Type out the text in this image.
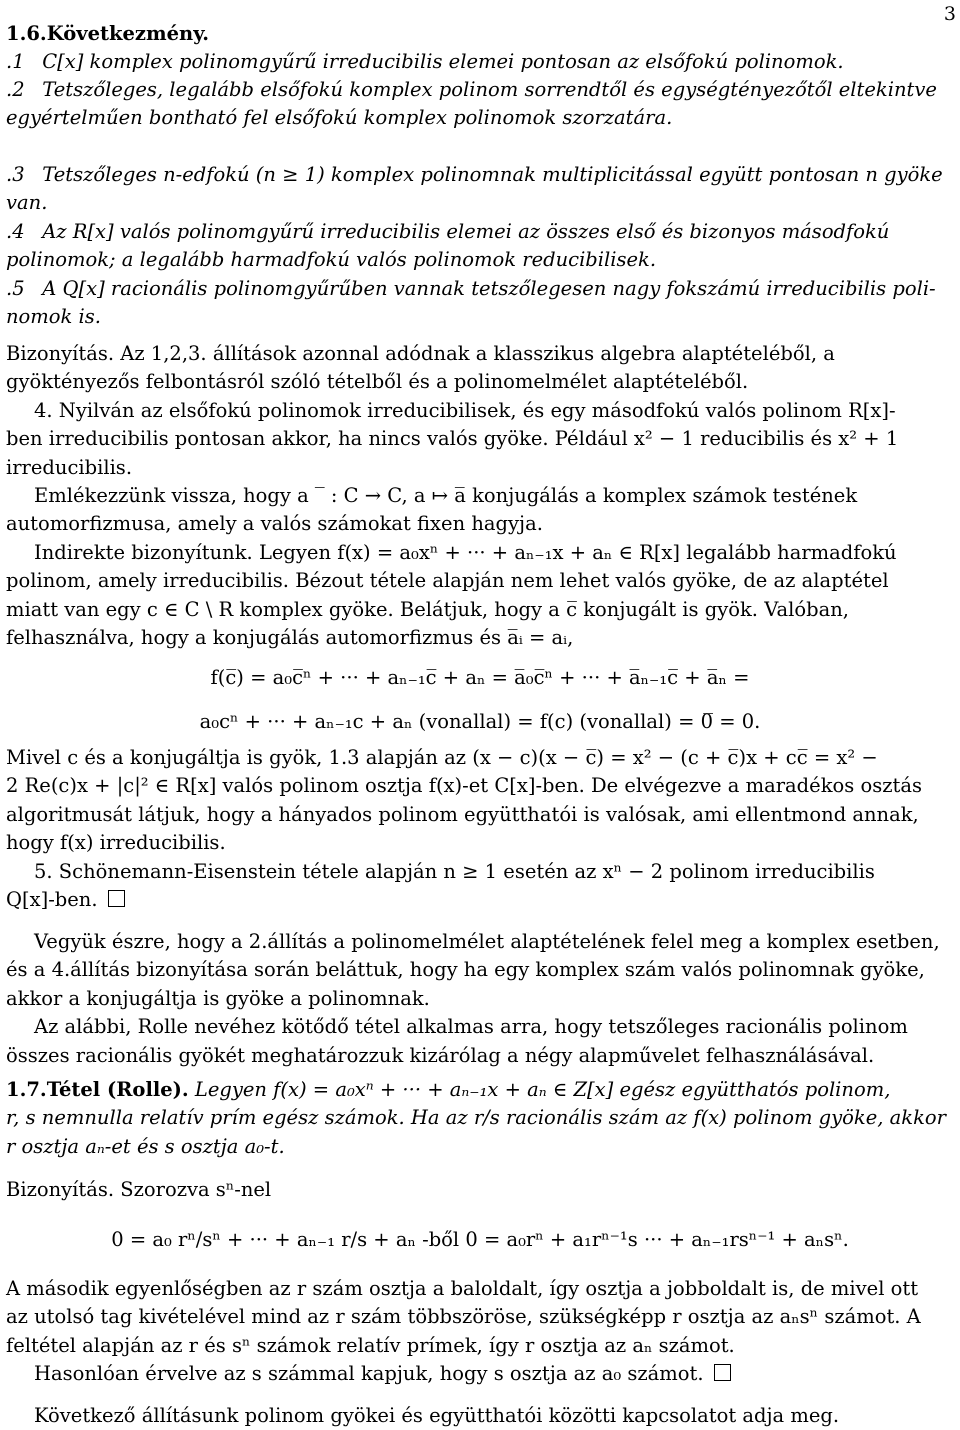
3
1.6.Következmény.
.1 C[x] komplex polinomgyűrű irreducibilis elemei pontosan az elsőfokú polinomok.
.2 Tetszőleges, legalább elsőfokú komplex polinom sorrendtől és egységtényezőtől eltekintve
egyértelműen bontható fel elsőfokú komplex polinomok szorzatára.
.3 Tetszőleges n-edfokú (n ≥ 1) komplex polinomnak multiplicitással együtt pontosan n gyöke
van.
.4 Az R[x] valós polinomgyűrű irreducibilis elemei az összes első és bizonyos másodfokú
polinomok; a legalább harmadfokú valós polinomok reducibilisek.
.5 A Q[x] racionális polinomgyűrűben vannak tetszőlegesen nagy fokszámú irreducibilis poli-
nomok is.
Bizonyítás. Az 1,2,3. állítások azonnal adódnak a klasszikus algebra alaptételéből, a
gyöktényezős felbontásról szóló tételből és a polinomelmélet alaptételéből.
4. Nyilván az elsőfokú polinomok irreducibilisek, és egy másodfokú valós polinom R[x]-
ben irreducibilis pontosan akkor, ha nincs valós gyöke. Például x² − 1 reducibilis és x² + 1
irreducibilis.
Emlékezzünk vissza, hogy a ‾ : C → C, a ↦ a̅ konjugálás a komplex számok testének
automorfizmusa, amely a valós számokat fixen hagyja.
Indirekte bizonyítunk. Legyen f(x) = a₀xⁿ + ··· + aₙ₋₁x + aₙ ∈ R[x] legalább harmadfokú
polinom, amely irreducibilis. Bézout tétele alapján nem lehet valós gyöke, de az alaptétel
miatt van egy c ∈ C \ R komplex gyöke. Belátjuk, hogy a c̅ konjugált is gyök. Valóban,
felhasználva, hogy a konjugálás automorfizmus és a̅ᵢ = aᵢ,
f(c̅) = a₀c̅ⁿ + ··· + aₙ₋₁c̅ + aₙ = a̅₀c̅ⁿ + ··· + a̅ₙ₋₁c̅ + a̅ₙ =
a₀cⁿ + ··· + aₙ₋₁c + aₙ (vonallal) = f(c) (vonallal) = 0̅ = 0.
Mivel c és a konjugáltja is gyök, 1.3 alapján az (x − c)(x − c̅) = x² − (c + c̅)x + cc̅ = x² −
2 Re(c)x + |c|² ∈ R[x] valós polinom osztja f(x)-et C[x]-ben. De elvégezve a maradékos osztás
algoritmusát látjuk, hogy a hányados polinom együtthatói is valósak, ami ellentmond annak,
hogy f(x) irreducibilis.
5. Schönemann-Eisenstein tétele alapján n ≥ 1 esetén az xⁿ − 2 polinom irreducibilis
Q[x]-ben.
Vegyük észre, hogy a 2.állítás a polinomelmélet alaptételének felel meg a komplex esetben,
és a 4.állítás bizonyítása során beláttuk, hogy ha egy komplex szám valós polinomnak gyöke,
akkor a konjugáltja is gyöke a polinomnak.
Az alábbi, Rolle nevéhez kötődő tétel alkalmas arra, hogy tetszőleges racionális polinom
összes racionális gyökét meghatározzuk kizárólag a négy alapművelet felhasználásával.
1.7.Tétel (Rolle). Legyen f(x) = a₀xⁿ + ··· + aₙ₋₁x + aₙ ∈ Z[x] egész együtthatós polinom,
r, s nemnulla relatív prím egész számok. Ha az r/s racionális szám az f(x) polinom gyöke, akkor
r osztja aₙ-et és s osztja a₀-t.
Bizonyítás. Szorozva sⁿ-nel
0 = a₀ rⁿ/sⁿ + ··· + aₙ₋₁ r/s + aₙ -ből 0 = a₀rⁿ + a₁rⁿ⁻¹s ··· + aₙ₋₁rsⁿ⁻¹ + aₙsⁿ.
A második egyenlőségben az r szám osztja a baloldalt, így osztja a jobboldalt is, de mivel ott
az utolsó tag kivételével mind az r szám többszöröse, szükségképp r osztja az aₙsⁿ számot. A
feltétel alapján az r és sⁿ számok relatív prímek, így r osztja az aₙ számot.
Hasonlóan érvelve az s számmal kapjuk, hogy s osztja az a₀ számot.
Következő állításunk polinom gyökei és együtthatói közötti kapcsolatot adja meg.
